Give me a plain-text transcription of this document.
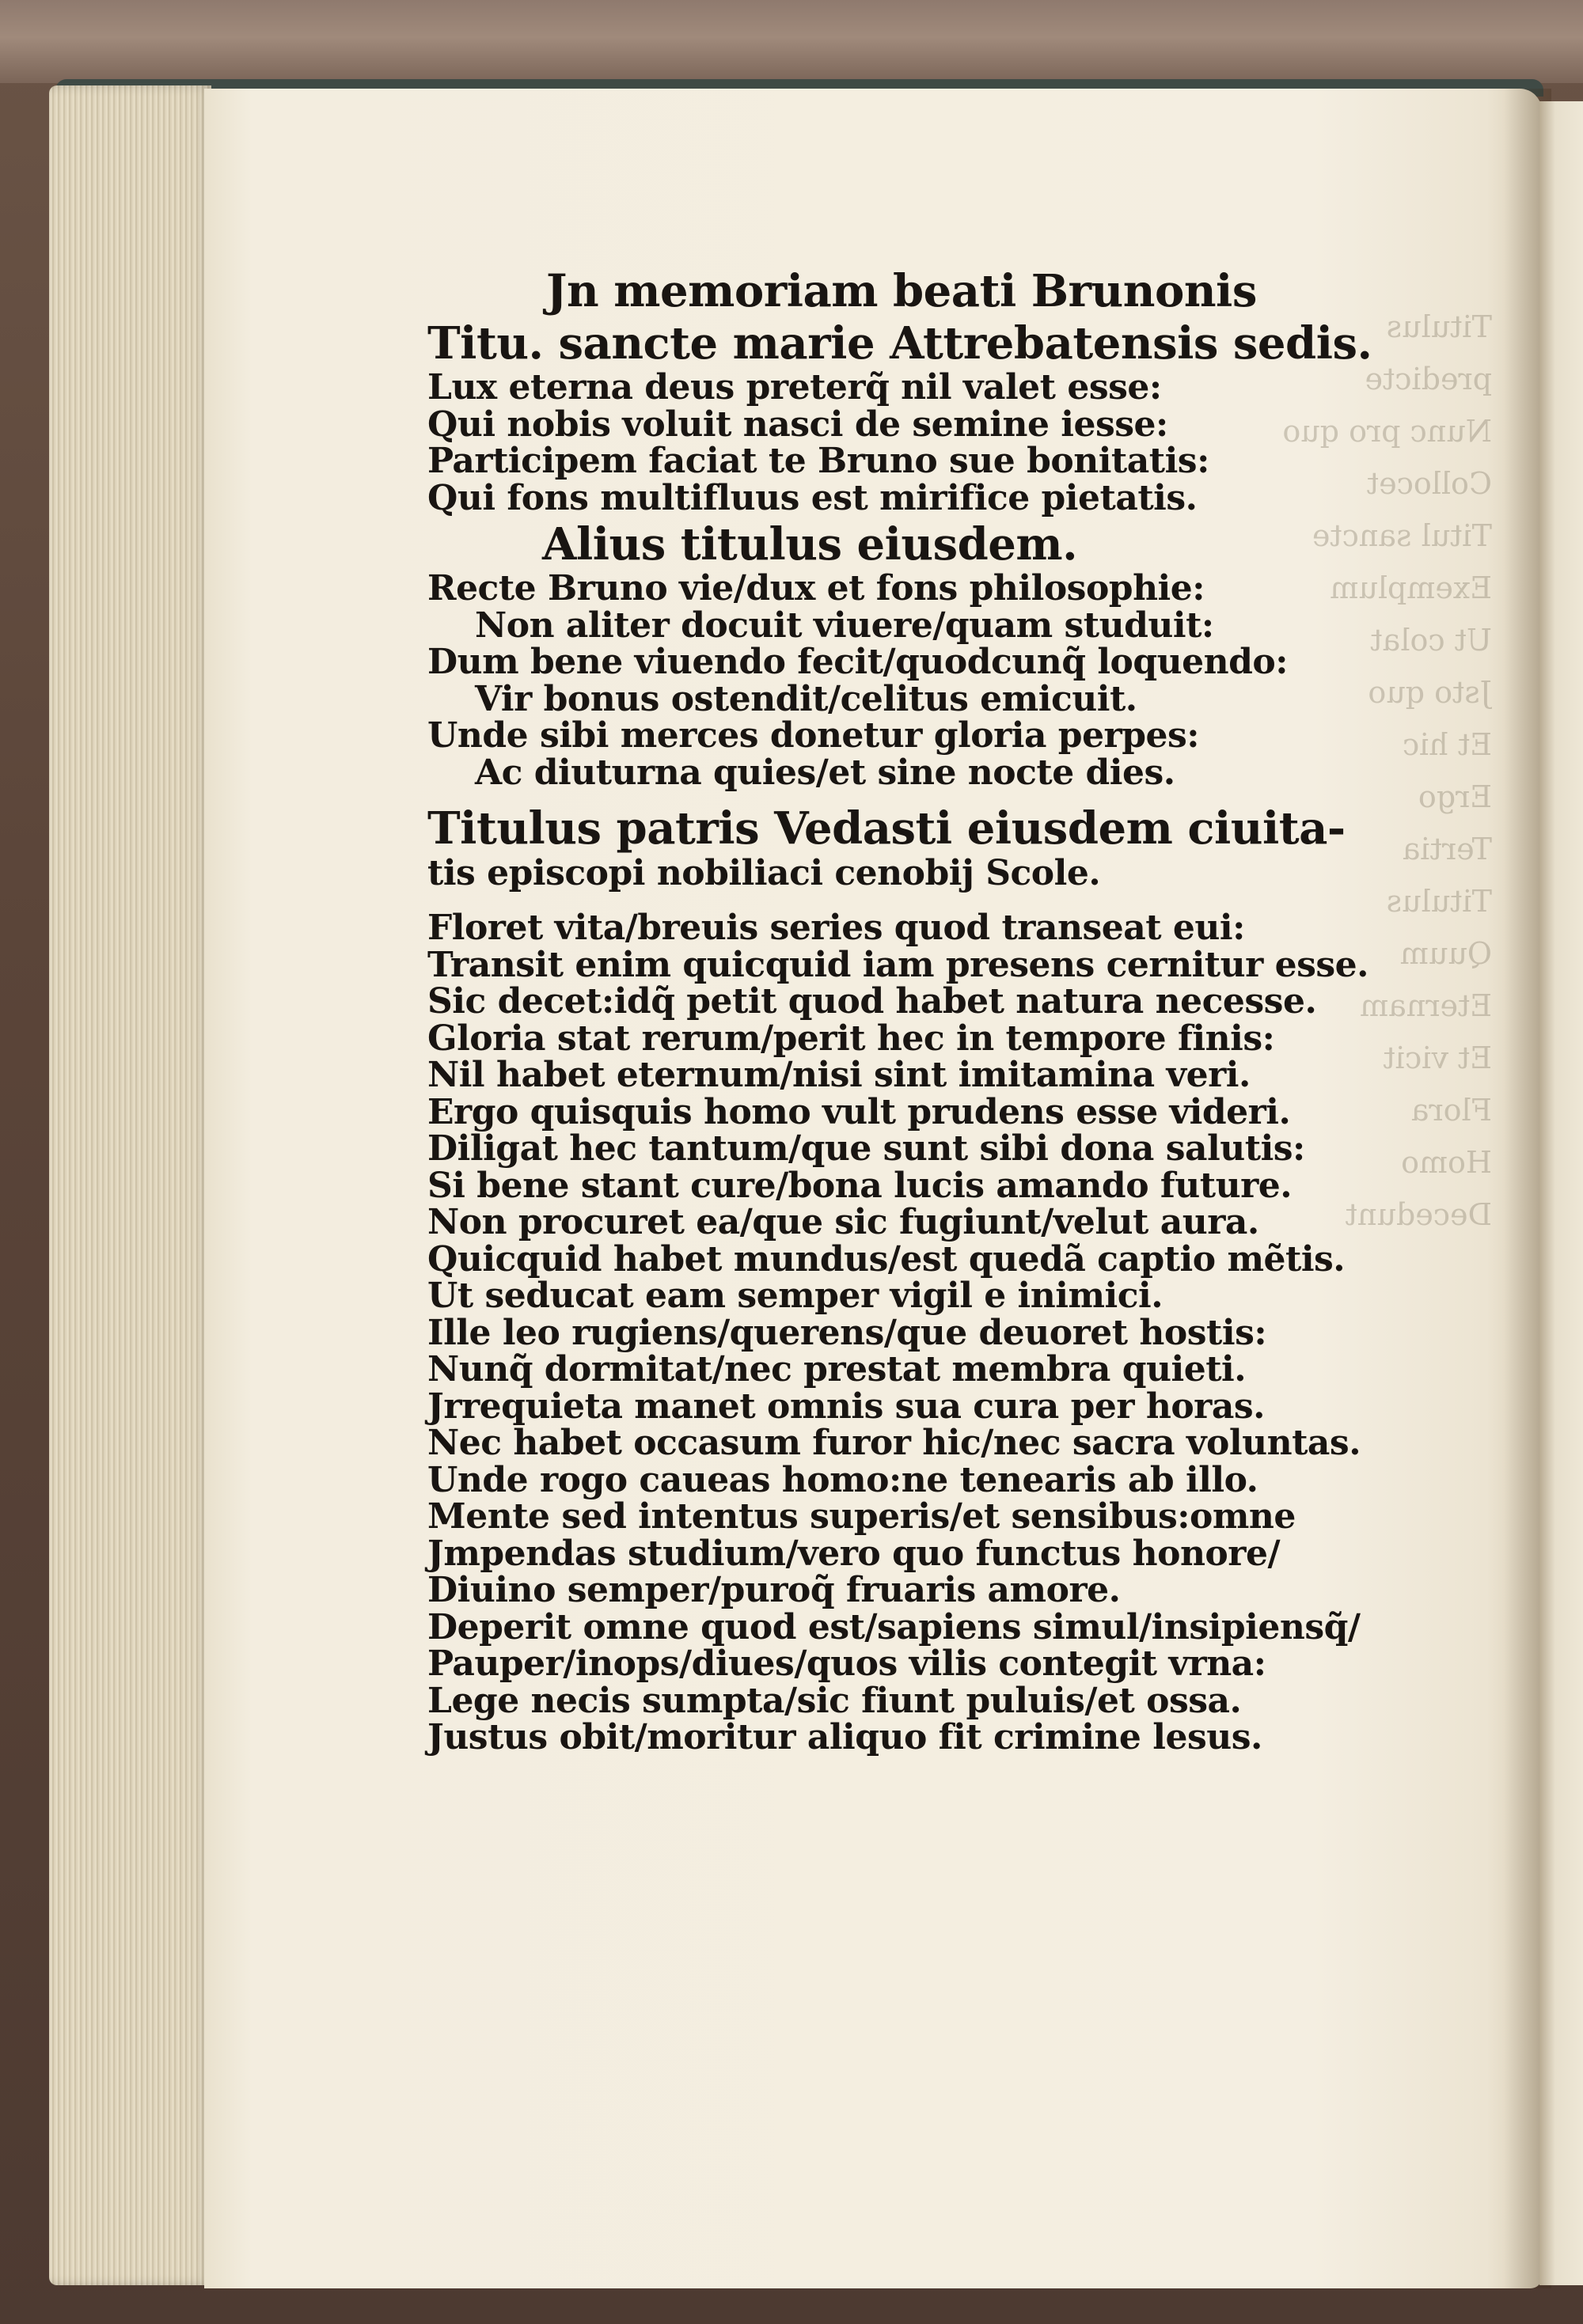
Titulus
predicte
Nunc pro quo
Collocet
Titul sancte
Exemplum
Ut colat
Jsto quo
Et hic
Ergo
Tertia
Titulus
Quum
Eternam
Et vicit
Flora
Homo
Decedunt

Jn memoriam beati Brunonis

Titu. sancte marie Attrebatensis sedis.

Lux eterna deus preterq̃ nil valet esse:

Qui nobis voluit nasci de semine iesse:

Participem faciat te Bruno sue bonitatis:

Qui fons multifluus est mirifice pietatis.

Alius titulus eiusdem.

Recte Bruno vie/dux et fons philosophie:

Non aliter docuit viuere/quam studuit:

Dum bene viuendo fecit/quodcunq̃ loquendo:

Vir bonus ostendit/celitus emicuit.

Unde sibi merces donetur gloria perpes:

Ac diuturna quies/et sine nocte dies.

Titulus patris Vedasti eiusdem ciuita-

tis episcopi nobiliaci cenobij Scole.

Floret vita/breuis series quod transeat eui:

Transit enim quicquid iam presens cernitur esse.

Sic decet:idq̃ petit quod habet natura necesse.

Gloria stat rerum/perit hec in tempore finis:

Nil habet eternum/nisi sint imitamina veri.

Ergo quisquis homo vult prudens esse videri.

Diligat hec tantum/que sunt sibi dona salutis:

Si bene stant cure/bona lucis amando future.

Non procuret ea/que sic fugiunt/velut aura.

Quicquid habet mundus/est quedã captio mẽtis.

Ut seducat eam semper vigil e inimici.

Ille leo rugiens/querens/que deuoret hostis:

Nunq̃ dormitat/nec prestat membra quieti.

Jrrequieta manet omnis sua cura per horas.

Nec habet occasum furor hic/nec sacra voluntas.

Unde rogo caueas homo:ne tenearis ab illo.

Mente sed intentus superis/et sensibus:omne

Jmpendas studium/vero quo functus honore/

Diuino semper/puroq̃ fruaris amore.

Deperit omne quod est/sapiens simul/insipiensq̃/

Pauper/inops/diues/quos vilis contegit vrna:

Lege necis sumpta/sic fiunt puluis/et ossa.

Justus obit/moritur aliquo fit crimine lesus.
